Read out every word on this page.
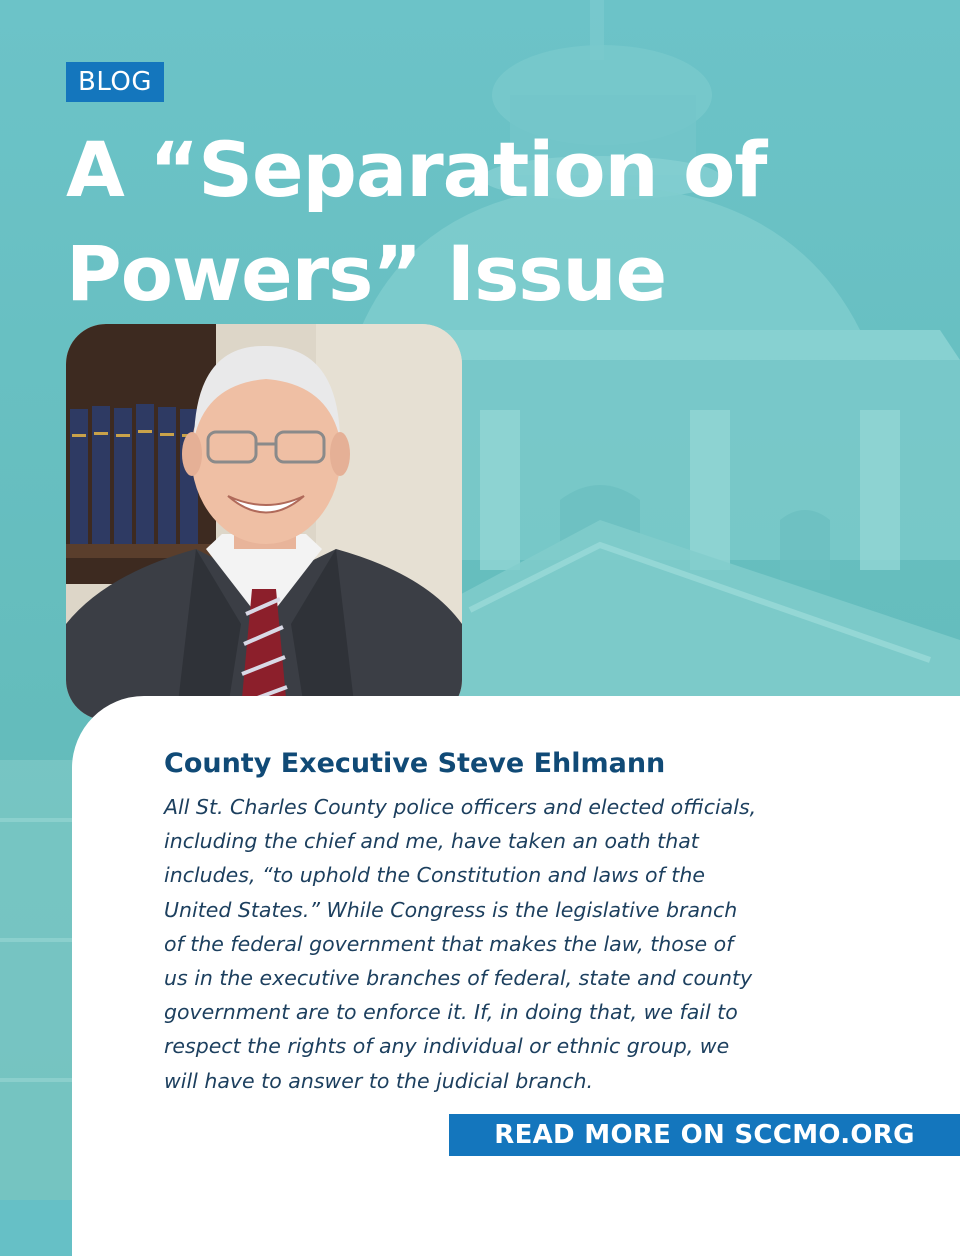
BLOG
A “Separation of
Powers” Issue
County Executive Steve Ehlmann

All St. Charles County police officers and elected officials,
including the chief and me, have taken an oath that
includes, “to uphold the Constitution and laws of the
United States.” While Congress is the legislative branch
of the federal government that makes the law, those of
us in the executive branches of federal, state and county
government are to enforce it. If, in doing that, we fail to
respect the rights of any individual or ethnic group, we
will have to answer to the judicial branch.

READ MORE ON SCCMO.ORG
